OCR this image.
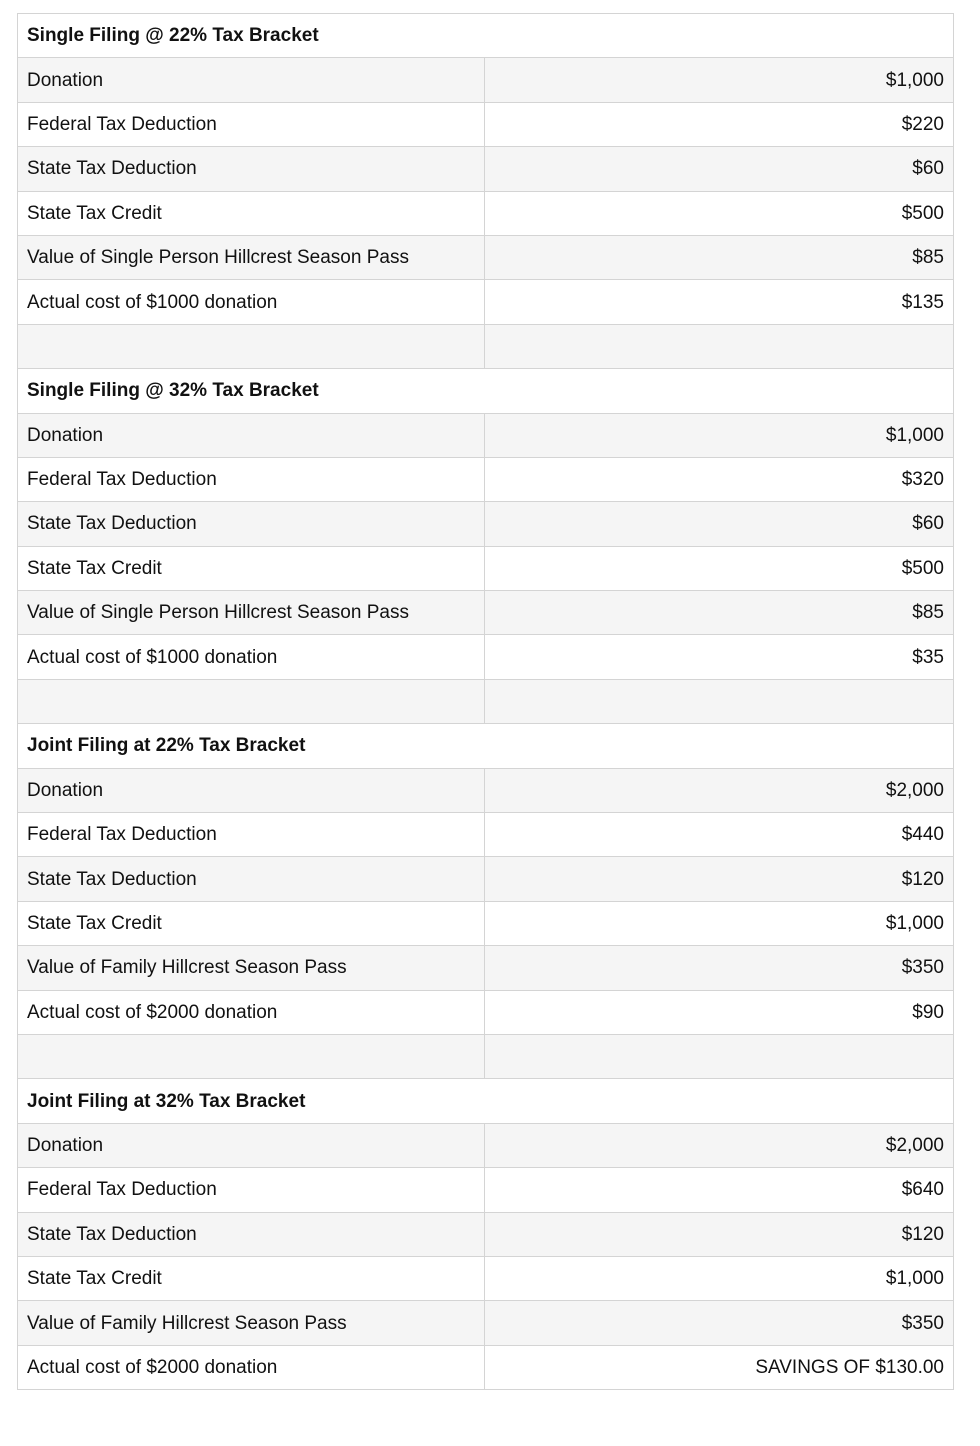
Single Filing @ 22% Tax Bracket	
Donation	$1,000
Federal Tax Deduction	$220
State Tax Deduction	$60
State Tax Credit	$500
Value of Single Person Hillcrest Season Pass	$85
Actual cost of $1000 donation	$135

Single Filing @ 32% Tax Bracket	
Donation	$1,000
Federal Tax Deduction	$320
State Tax Deduction	$60
State Tax Credit	$500
Value of Single Person Hillcrest Season Pass	$85
Actual cost of $1000 donation	$35

Joint Filing at 22% Tax Bracket	
Donation	$2,000
Federal Tax Deduction	$440
State Tax Deduction	$120
State Tax Credit	$1,000
Value of Family Hillcrest Season Pass	$350
Actual cost of $2000 donation	$90

Joint Filing at 32% Tax Bracket	
Donation	$2,000
Federal Tax Deduction	$640
State Tax Deduction	$120
State Tax Credit	$1,000
Value of Family Hillcrest Season Pass	$350
Actual cost of $2000 donation	SAVINGS OF $130.00
